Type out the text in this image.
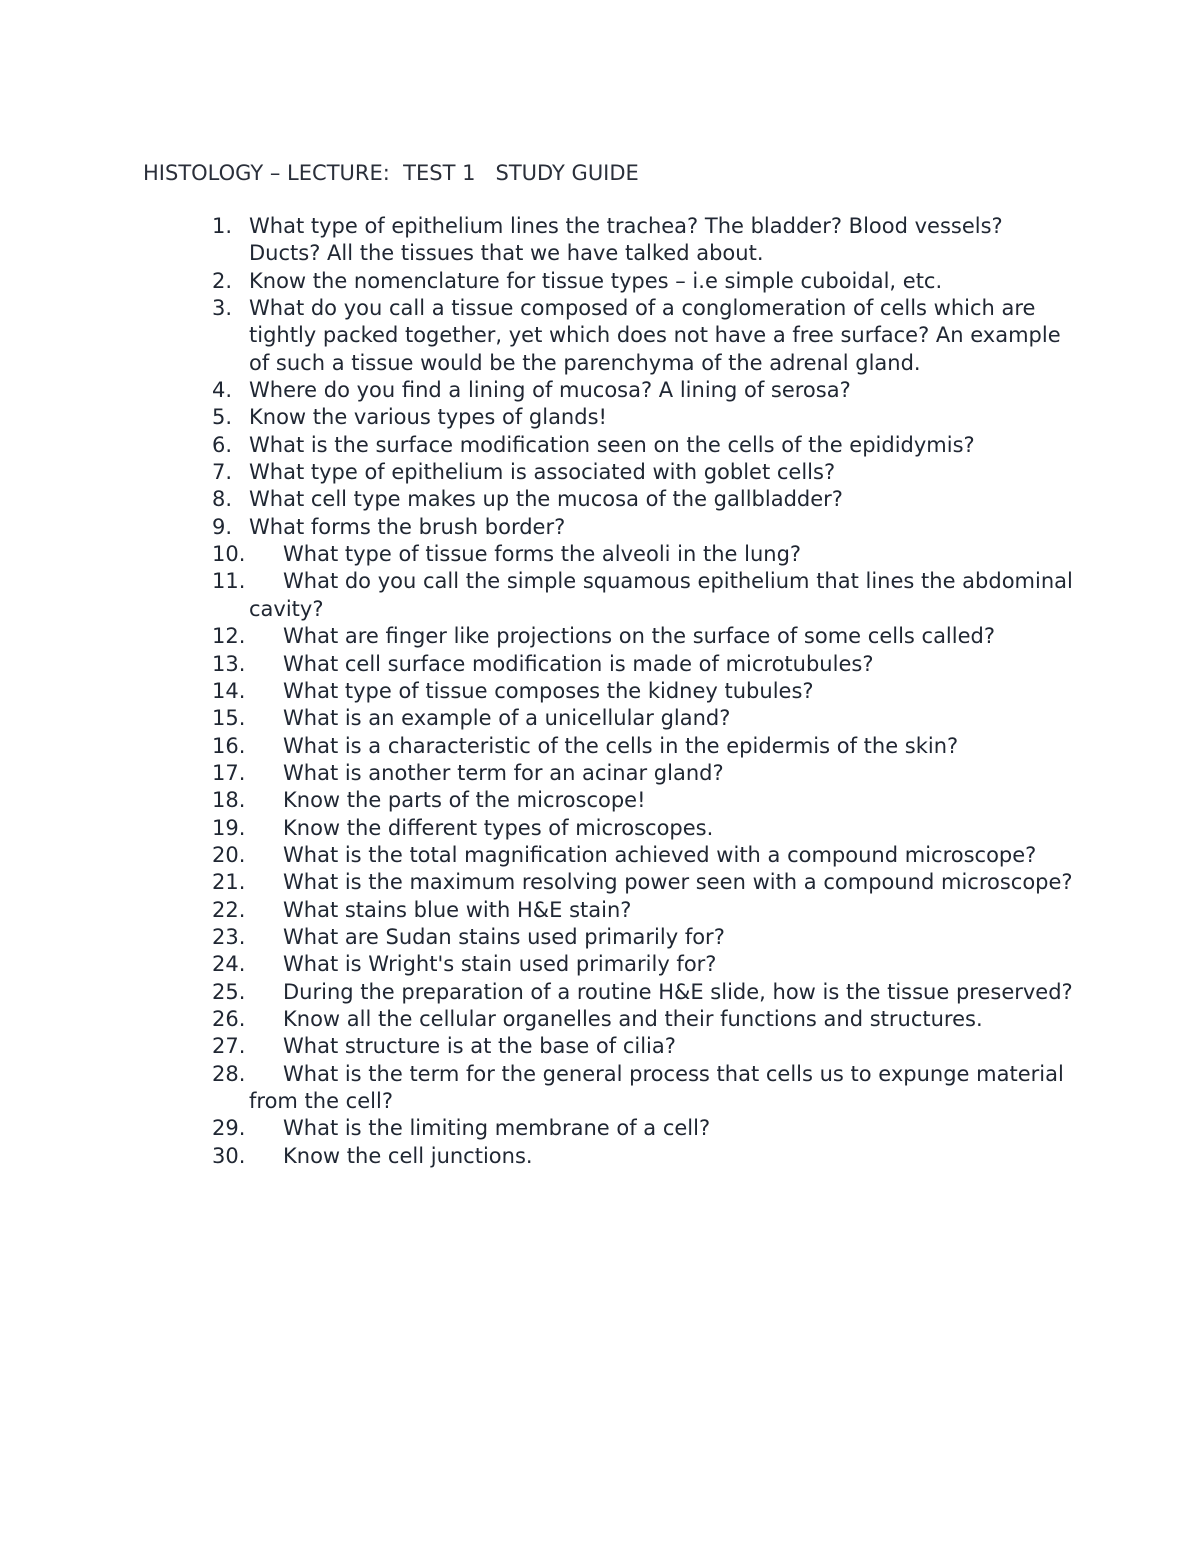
HISTOLOGY – LECTURE:  TEST 1   STUDY GUIDE
1. What type of epithelium lines the trachea? The bladder? Blood vessels? Ducts? All the tissues that we have talked about.
2. Know the nomenclature for tissue types – i.e simple cuboidal, etc.
3. What do you call a tissue composed of a conglomeration of cells which are tightly packed together, yet which does not have a free surface? An example of such a tissue would be the parenchyma of the adrenal gland.
4. Where do you find a lining of mucosa? A lining of serosa?
5. Know the various types of glands!
6. What is the surface modification seen on the cells of the epididymis?
7. What type of epithelium is associated with goblet cells?
8. What cell type makes up the mucosa of the gallbladder?
9. What forms the brush border?
10.	What type of tissue forms the alveoli in the lung?
11.	What do you call the simple squamous epithelium that lines the abdominal cavity?
12.	What are finger like projections on the surface of some cells called?
13.	What cell surface modification is made of microtubules?
14.	What type of tissue composes the kidney tubules?
15.	What is an example of a unicellular gland?
16.	What is a characteristic of the cells in the epidermis of the skin?
17.	What is another term for an acinar gland?
18.	Know the parts of the microscope!
19.	Know the different types of microscopes.
20.	What is the total magnification achieved with a compound microscope?
21.	What is the maximum resolving power seen with a compound microscope?
22.	What stains blue with H&E stain?
23.	What are Sudan stains used primarily for?
24.	What is Wright's stain used primarily for?
25.	During the preparation of a routine H&E slide, how is the tissue preserved?
26.	Know all the cellular organelles and their functions and structures.
27.	What structure is at the base of cilia?
28.	What is the term for the general process that cells us to expunge material from the cell?
29.	What is the limiting membrane of a cell?
30.	Know the cell junctions.
